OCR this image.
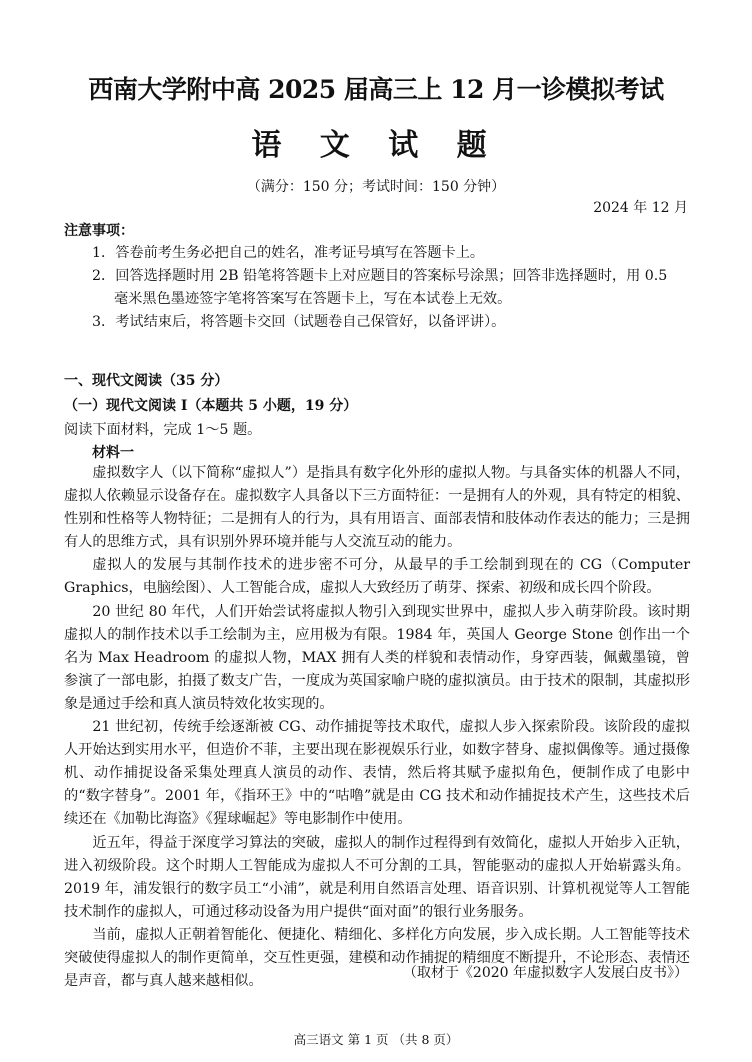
西南大学附中高 2025 届高三上 12 月一诊模拟考试
语 文 试 题
（满分：150 分；考试时间：150 分钟）
2024 年 12 月
注意事项：
1．答卷前考生务必把自己的姓名，准考证号填写在答题卡上。
2．回答选择题时用 2B 铅笔将答题卡上对应题目的答案标号涂黑；回答非选择题时，用 0.5
毫米黑色墨迹签字笔将答案写在答题卡上，写在本试卷上无效。
3．考试结束后，将答题卡交回（试题卷自己保管好，以备评讲）。
一、现代文阅读（35 分）
（一）现代文阅读 I（本题共 5 小题，19 分）
阅读下面材料，完成 1～5 题。
材料一

虚拟数字人（以下简称“虚拟人”）是指具有数字化外形的虚拟人物。与具备实体的机器人不同，虚拟人依赖显示设备存在。虚拟数字人具备以下三方面特征：一是拥有人的外观，具有特定的相貌、性别和性格等人物特征；二是拥有人的行为，具有用语言、面部表情和肢体动作表达的能力；三是拥有人的思维方式，具有识别外界环境并能与人交流互动的能力。

虚拟人的发展与其制作技术的进步密不可分，从最早的手工绘制到现在的 CG（Computer Graphics，电脑绘图）、人工智能合成，虚拟人大致经历了萌芽、探索、初级和成长四个阶段。

20 世纪 80 年代，人们开始尝试将虚拟人物引入到现实世界中，虚拟人步入萌芽阶段。该时期虚拟人的制作技术以手工绘制为主，应用极为有限。1984 年，英国人 George Stone 创作出一个名为 Max Headroom 的虚拟人物，MAX 拥有人类的样貌和表情动作，身穿西装，佩戴墨镜，曾参演了一部电影，拍摄了数支广告，一度成为英国家喻户晓的虚拟演员。由于技术的限制，其虚拟形象是通过手绘和真人演员特效化妆实现的。

21 世纪初，传统手绘逐渐被 CG、动作捕捉等技术取代，虚拟人步入探索阶段。该阶段的虚拟人开始达到实用水平，但造价不菲，主要出现在影视娱乐行业，如数字替身、虚拟偶像等。通过摄像机、动作捕捉设备采集处理真人演员的动作、表情，然后将其赋予虚拟角色，便制作成了电影中的“数字替身”。2001 年，《指环王》中的“咕噜”就是由 CG 技术和动作捕捉技术产生，这些技术后续还在《加勒比海盗》《猩球崛起》等电影制作中使用。

近五年，得益于深度学习算法的突破，虚拟人的制作过程得到有效简化，虚拟人开始步入正轨，进入初级阶段。这个时期人工智能成为虚拟人不可分割的工具，智能驱动的虚拟人开始崭露头角。2019 年，浦发银行的数字员工“小浦”，就是利用自然语言处理、语音识别、计算机视觉等人工智能技术制作的虚拟人，可通过移动设备为用户提供“面对面”的银行业务服务。

当前，虚拟人正朝着智能化、便捷化、精细化、多样化方向发展，步入成长期。人工智能等技术突破使得虚拟人的制作更简单，交互性更强，建模和动作捕捉的精细度不断提升，不论形态、表情还是声音，都与真人越来越相似。

（取材于《2020 年虚拟数字人发展白皮书》）
高三语文 第 1 页 （共 8 页）
